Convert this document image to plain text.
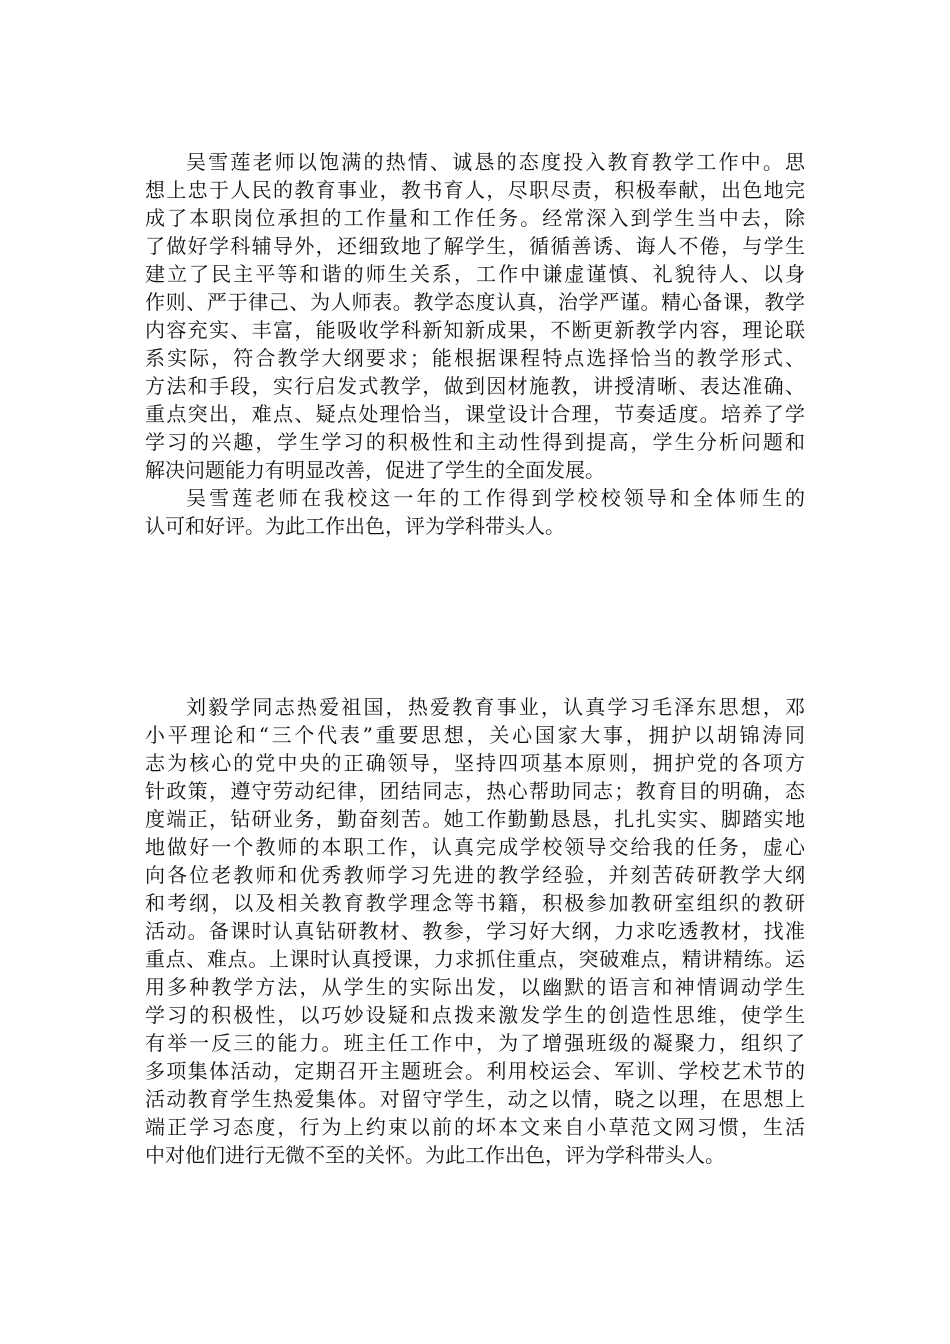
吴雪莲老师以饱满的热情、诚恳的态度投入教育教学工作中。思
想上忠于人民的教育事业，教书育人，尽职尽责，积极奉献，出色地完
成了本职岗位承担的工作量和工作任务。经常深入到学生当中去，除
了做好学科辅导外，还细致地了解学生，循循善诱、诲人不倦，与学生
建立了民主平等和谐的师生关系，工作中谦虚谨慎、礼貌待人、以身
作则、严于律己、为人师表。教学态度认真，治学严谨。精心备课，教学
内容充实、丰富，能吸收学科新知新成果，不断更新教学内容，理论联
系实际，符合教学大纲要求；能根据课程特点选择恰当的教学形式、
方法和手段，实行启发式教学，做到因材施教，讲授清晰、表达准确、
重点突出，难点、疑点处理恰当，课堂设计合理，节奏适度。培养了学
学习的兴趣，学生学习的积极性和主动性得到提高，学生分析问题和
解决问题能力有明显改善，促进了学生的全面发展。
吴雪莲老师在我校这一年的工作得到学校校领导和全体师生的
认可和好评。为此工作出色，评为学科带头人。
刘毅学同志热爱祖国，热爱教育事业，认真学习毛泽东思想，邓
小平理论和“三个代表”重要思想，关心国家大事，拥护以胡锦涛同
志为核心的党中央的正确领导，坚持四项基本原则，拥护党的各项方
针政策，遵守劳动纪律，团结同志，热心帮助同志；教育目的明确，态
度端正，钻研业务，勤奋刻苦。她工作勤勤恳恳，扎扎实实、脚踏实地
地做好一个教师的本职工作，认真完成学校领导交给我的任务，虚心
向各位老教师和优秀教师学习先进的教学经验，并刻苦砖研教学大纲
和考纲，以及相关教育教学理念等书籍，积极参加教研室组织的教研
活动。备课时认真钻研教材、教参，学习好大纲，力求吃透教材，找准
重点、难点。上课时认真授课，力求抓住重点，突破难点，精讲精练。运
用多种教学方法，从学生的实际出发，以幽默的语言和神情调动学生
学习的积极性，以巧妙设疑和点拨来激发学生的创造性思维，使学生
有举一反三的能力。班主任工作中，为了增强班级的凝聚力，组织了
多项集体活动，定期召开主题班会。利用校运会、军训、学校艺术节的
活动教育学生热爱集体。对留守学生，动之以情，晓之以理，在思想上
端正学习态度，行为上约束以前的坏本文来自小草范文网习惯，生活
中对他们进行无微不至的关怀。为此工作出色，评为学科带头人。
